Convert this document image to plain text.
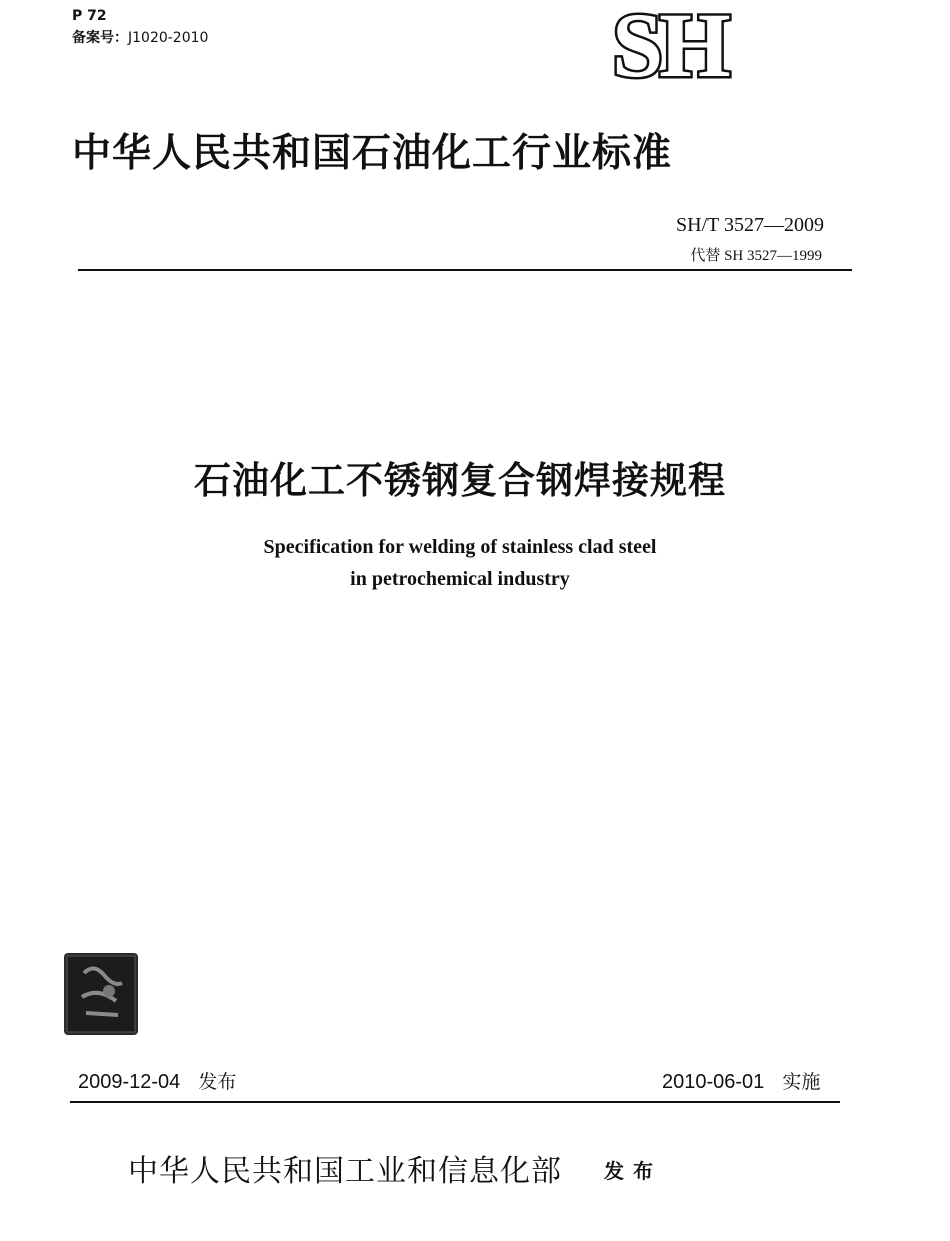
P 72
备案号：J1020-2010	SH
中华人民共和国石油化工行业标准
SH/T 3527—2009
代替 SH 3527—1999
石油化工不锈钢复合钢焊接规程
Specification for welding of stainless clad steel
in petrochemical industry
2009-12-04 发布	2010-06-01 实施
中华人民共和国工业和信息化部 发 布
